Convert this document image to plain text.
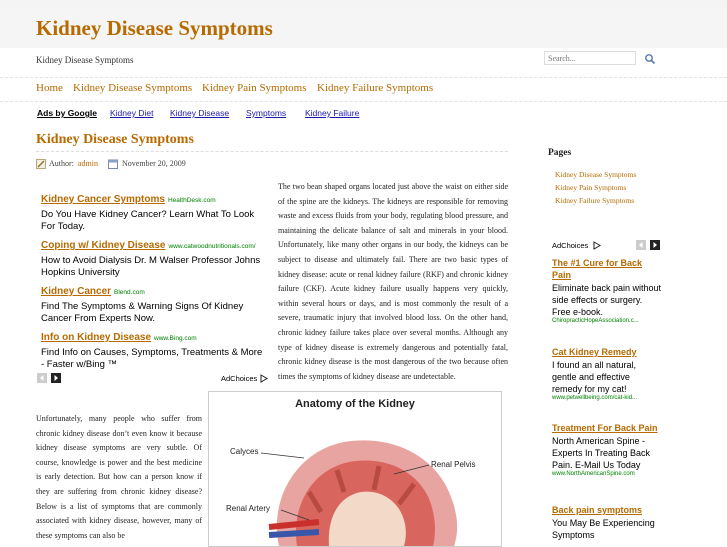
Kidney Disease Symptoms
Kidney Disease Symptoms
Search...
Home Kidney Disease Symptoms Kidney Pain Symptoms Kidney Failure Symptoms
Ads by Google Kidney Diet Kidney Disease Symptoms Kidney Failure
Kidney Disease Symptoms
Author: admin	November 20, 2009
Kidney Cancer Symptoms HealthDesk.com
Do You Have Kidney Cancer? Learn What To Look For Today.
Coping w/ Kidney Disease www.catwoodnutritionals.com/
How to Avoid Dialysis Dr. M Walser Professor Johns Hopkins University
Kidney Cancer Blend.com
Find The Symptoms & Warning Signs Of Kidney Cancer From Experts Now.
Info on Kidney Disease www.Bing.com
Find Info on Causes, Symptoms, Treatments & More - Faster w/Bing ™
AdChoices
The two bean shaped organs located just above the waist on either side of the spine are the kidneys. The kidneys are responsible for removing waste and excess fluids from your body, regulating blood pressure, and maintaining the delicate balance of salt and minerals in your blood. Unfortunately, like many other organs in our body, the kidneys can be subject to disease and ultimately fail. There are two basic types of kidney disease: acute or renal kidney failure (RKF) and chronic kidney failure (CKF). Acute kidney failure usually happens very quickly, within several hours or days, and is most commonly the result of a severe, traumatic injury that involved blood loss. On the other hand, chronic kidney failure takes place over several months. Although any type of kidney disease is extremely dangerous and potentially fatal, chronic kidney disease is the most dangerous of the two because often times the symptoms of kidney disease are undetectable.
Unfortunately, many people who suffer from chronic kidney disease don’t even know it because kidney disease symptoms are very subtle. Of course, knowledge is power and the best medicine is early detection. But how can a person know if they are suffering from chronic kidney disease? Below is a list of symptoms that are commonly associated with kidney disease, however, many of these symptoms can also be
Anatomy of the Kidney
Calyces
Renal Pelvis
Renal Artery
Pages
Kidney Disease Symptoms
Kidney Pain Symptoms
Kidney Failure Symptoms
AdChoices
The #1 Cure for Back Pain
Eliminate back pain without side effects or surgery. Free e-book.
ChiropracticHopeAssociation.c...
Cat Kidney Remedy
I found an all natural, gentle and effective remedy for my cat!
www.petwellbeing.com/cat-kid...
Treatment For Back Pain
North American Spine - Experts In Treating Back Pain. E-Mail Us Today
www.NorthAmericanSpine.com
Back pain symptoms
You May Be Experiencing Symptoms
